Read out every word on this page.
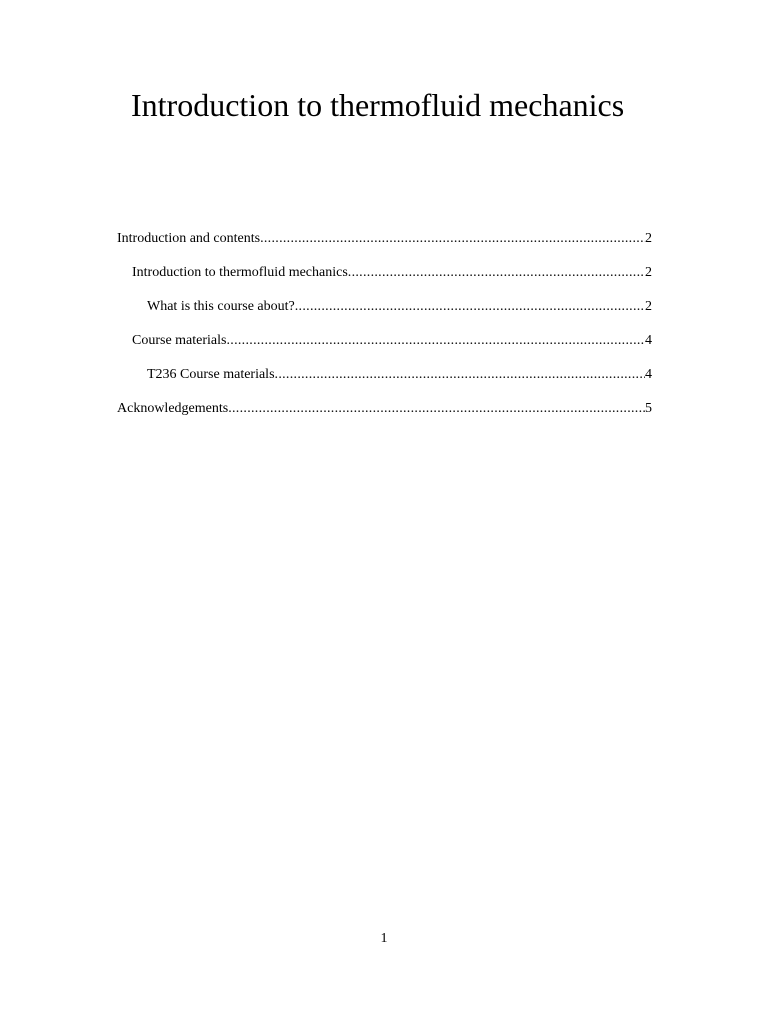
Introduction to thermofluid mechanics
Introduction and contents .....	2
Introduction to thermofluid mechanics .....	2
What is this course about? .....	2
Course materials .....	4
T236 Course materials .....	4
Acknowledgements .....	5
1
